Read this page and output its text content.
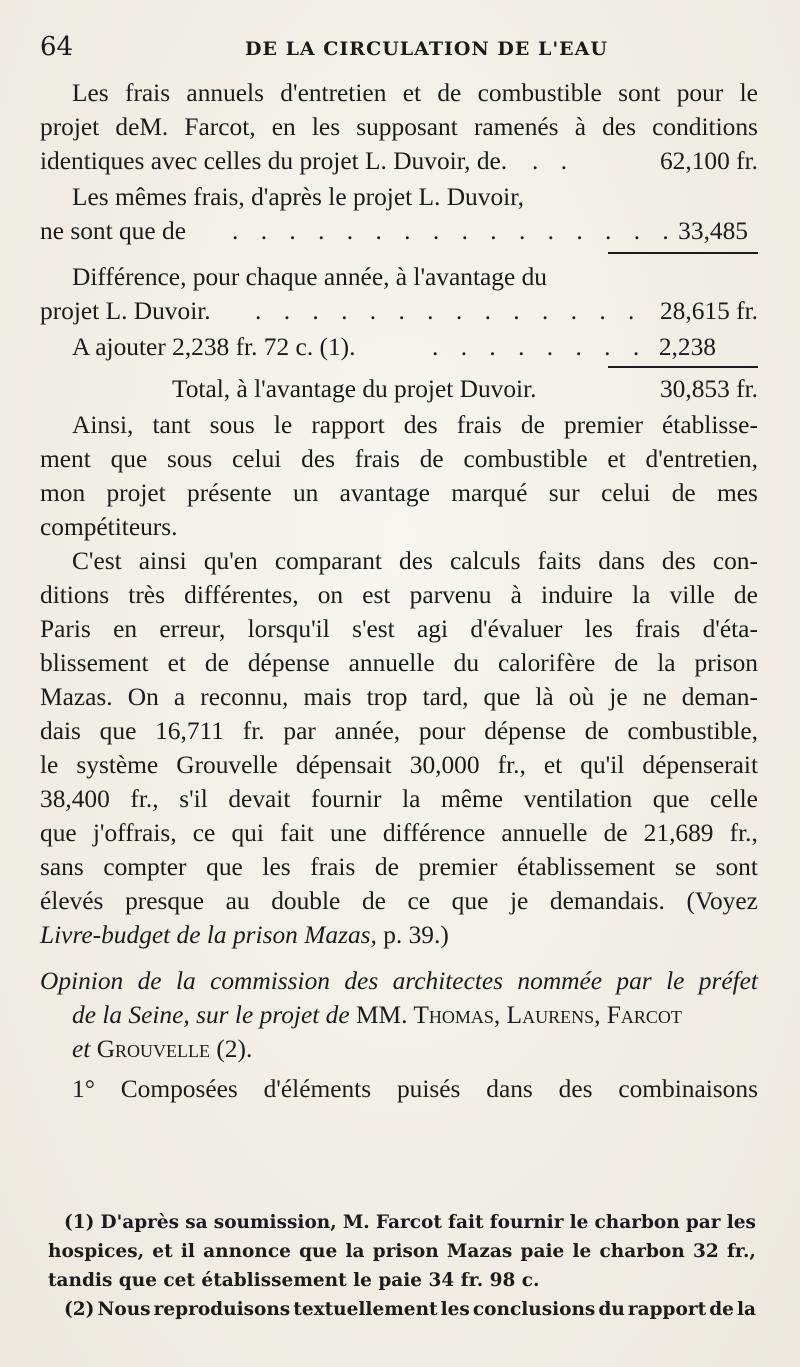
64	DE LA CIRCULATION DE L'EAU
Les frais annuels d'entretien et de combustible sont pour le
projet deM. Farcot, en les supposant ramenés à des conditions
identiques avec celles du projet L. Duvoir, de. . .	62,100 fr.
Les mêmes frais, d'après le projet L. Duvoir,
ne sont que de . . . . . . . . . . . . . . . . 33,485
Différence, pour chaque année, à l'avantage du
projet L. Duvoir. . . . . . . . . . . . . . . 28,615 fr.
A ajouter 2,238 fr. 72 c. (1).	. . . . . . . . 2,238
Total, à l'avantage du projet Duvoir.	30,853 fr.
Ainsi, tant sous le rapport des frais de premier établisse-
ment que sous celui des frais de combustible et d'entretien,
mon projet présente un avantage marqué sur celui de mes
compétiteurs.
C'est ainsi qu'en comparant des calculs faits dans des con-
ditions très différentes, on est parvenu à induire la ville de
Paris en erreur, lorsqu'il s'est agi d'évaluer les frais d'éta-
blissement et de dépense annuelle du calorifère de la prison
Mazas. On a reconnu, mais trop tard, que là où je ne deman-
dais que 16,711 fr. par année, pour dépense de combustible,
le système Grouvelle dépensait 30,000 fr., et qu'il dépenserait
38,400 fr., s'il devait fournir la même ventilation que celle
que j'offrais, ce qui fait une différence annuelle de 21,689 fr.,
sans compter que les frais de premier établissement se sont
élevés presque au double de ce que je demandais. (Voyez
Livre-budget de la prison Mazas, p. 39.)
Opinion de la commission des architectes nommée par le préfet
de la Seine, sur le projet de MM. Thomas, Laurens, Farcot
et Grouvelle (2).
1° Composées d'éléments puisés dans des combinaisons
(1) D'après sa soumission, M. Farcot fait fournir le charbon par les
hospices, et il annonce que la prison Mazas paie le charbon 32 fr.,
tandis que cet établissement le paie 34 fr. 98 c.
(2) Nous reproduisons textuellement les conclusions du rapport de la
